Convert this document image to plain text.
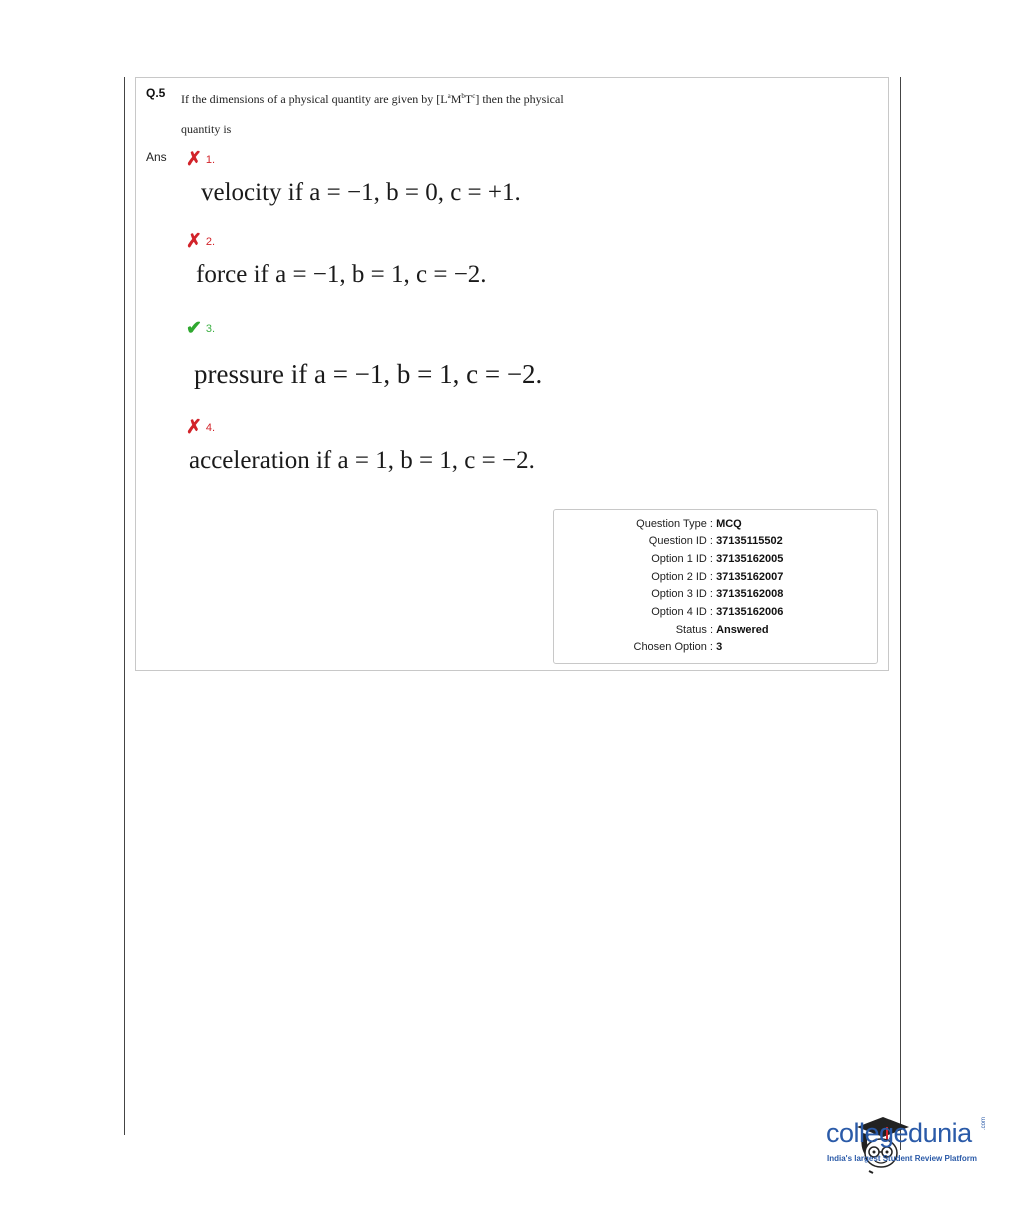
Q.5 If the dimensions of a physical quantity are given by $[L^aM^bT^c]$ then the physical
quantity is
Ans ✗ 1.
velocity if a = −1, b = 0, c = +1.
✗ 2.
force if a = −1, b = 1, c = −2.
✔ 3.
pressure if a = −1, b = 1, c = −2.
✗ 4.
acceleration if a = 1, b = 1, c = −2.
Question Type : MCQ
Question ID : 37135115502
Option 1 ID : 37135162005
Option 2 ID : 37135162007
Option 3 ID : 37135162008
Option 4 ID : 37135162006
Status : Answered
Chosen Option : 3
collegedunia .com
India's largest Student Review Platform
